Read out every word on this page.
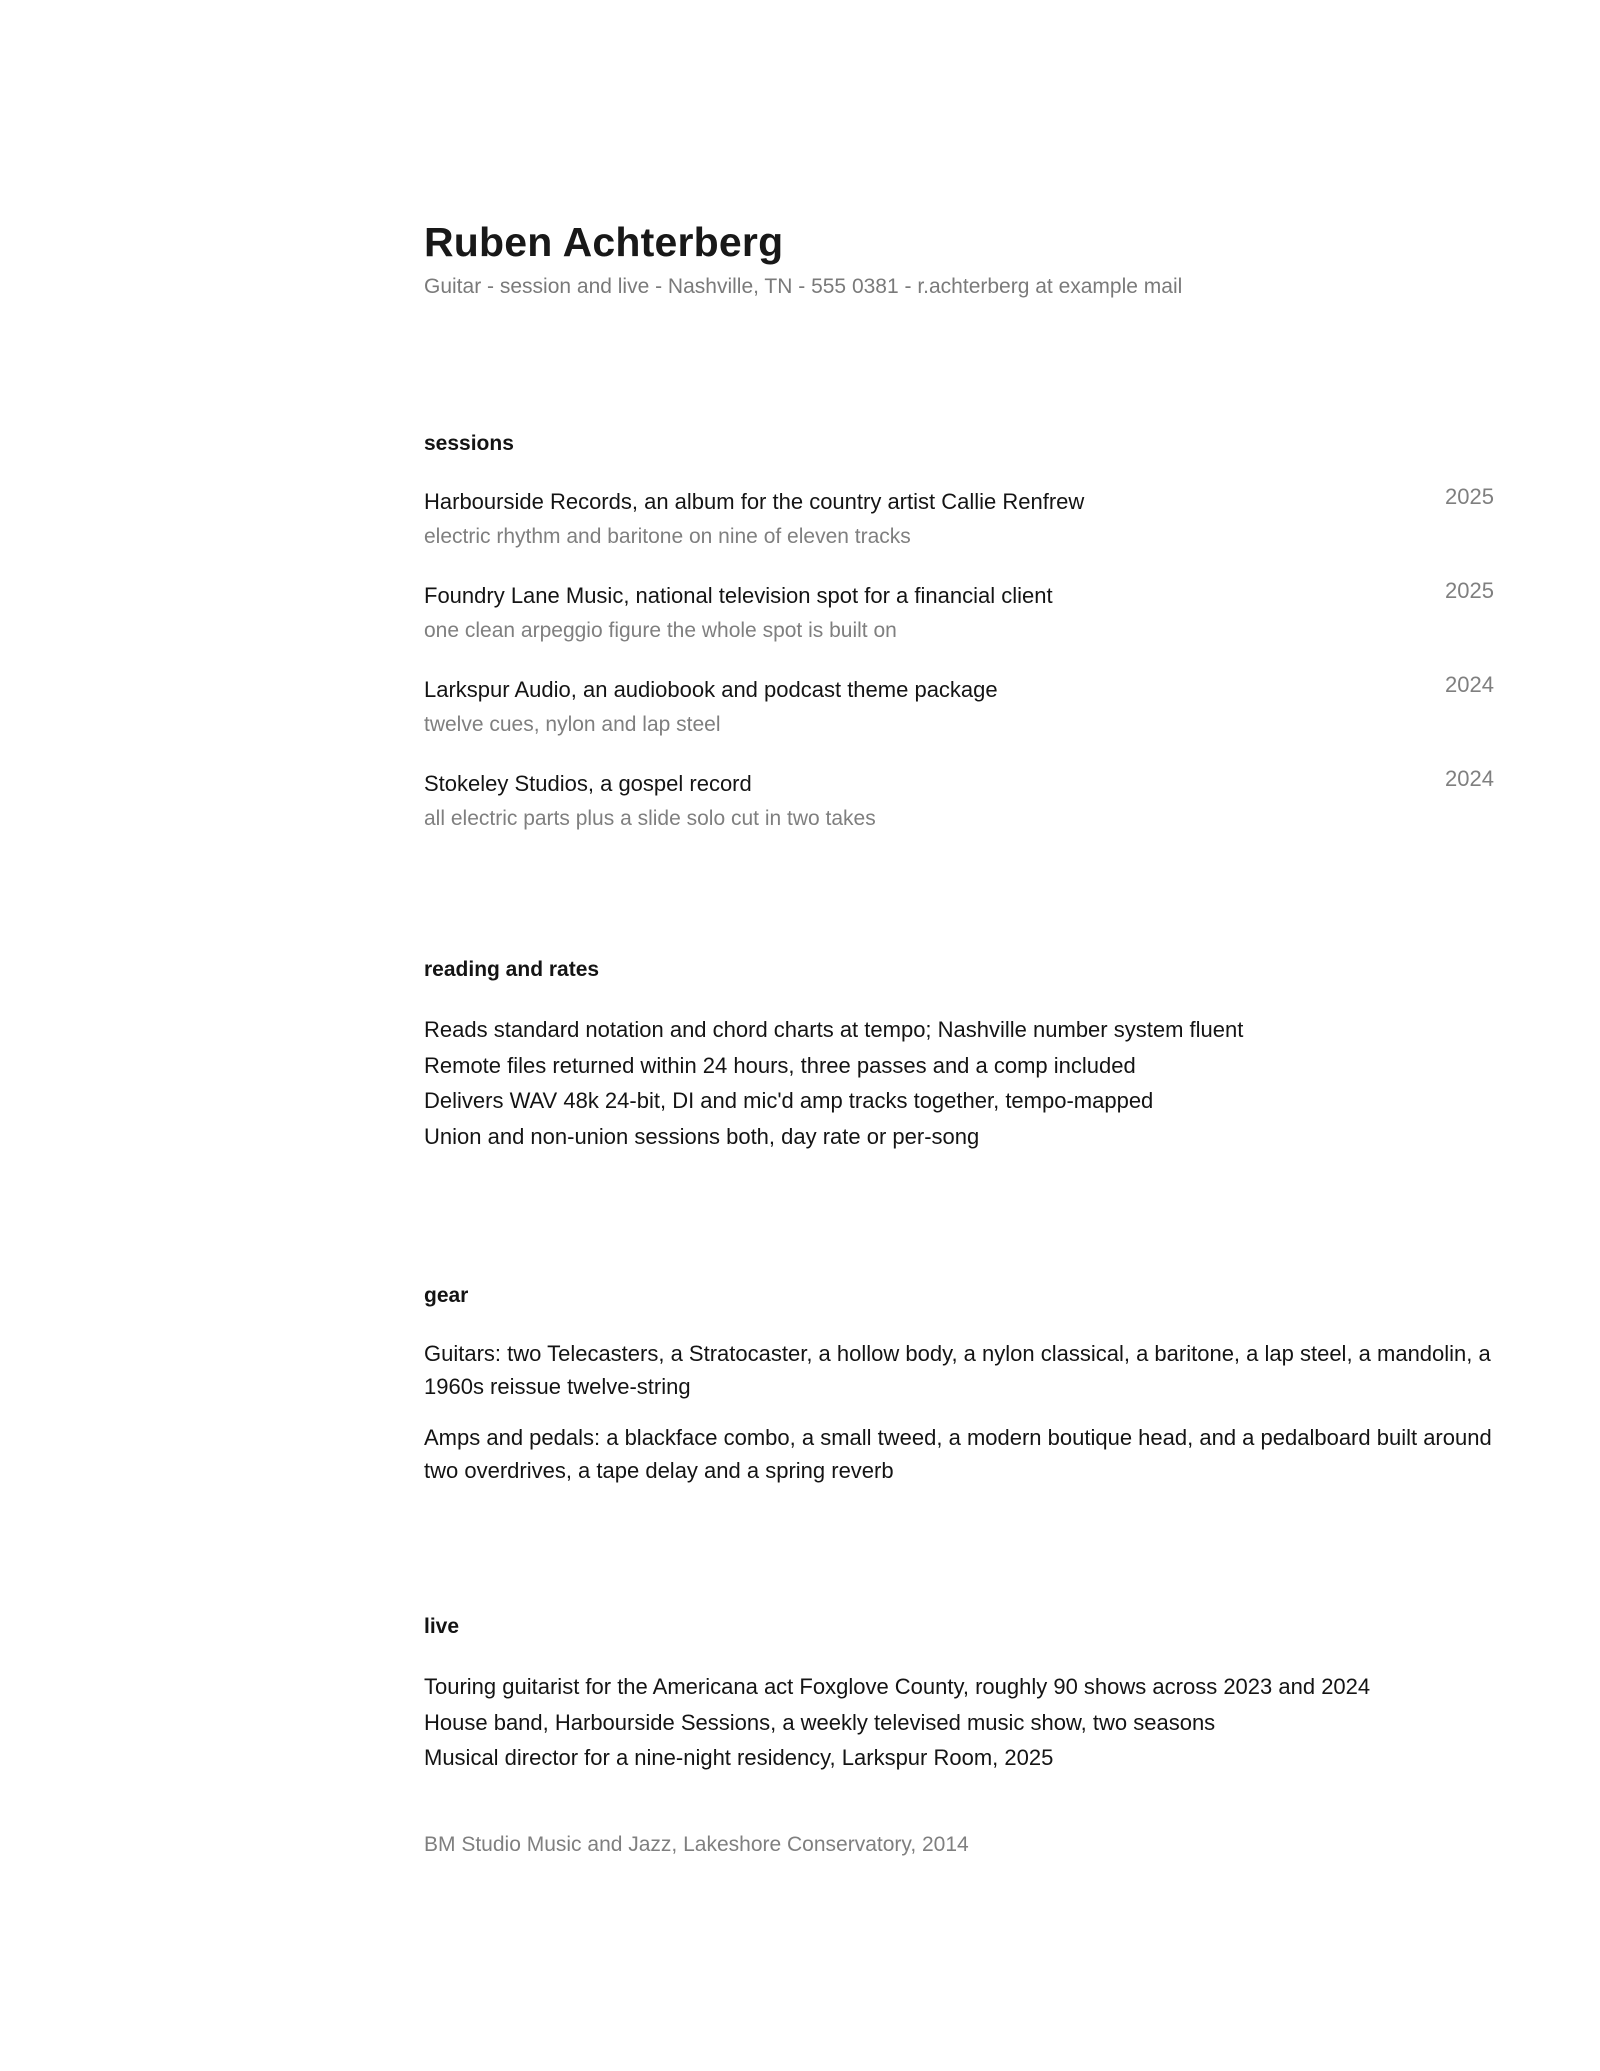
Ruben Achterberg
Guitar - session and live - Nashville, TN - 555 0381 - r.achterberg at example mail
sessions
Harbourside Records, an album for the country artist Callie Renfrew
electric rhythm and baritone on nine of eleven tracks
2025
Foundry Lane Music, national television spot for a financial client
one clean arpeggio figure the whole spot is built on
2025
Larkspur Audio, an audiobook and podcast theme package
twelve cues, nylon and lap steel
2024
Stokeley Studios, a gospel record
all electric parts plus a slide solo cut in two takes
2024
reading and rates
Reads standard notation and chord charts at tempo; Nashville number system fluent
Remote files returned within 24 hours, three passes and a comp included
Delivers WAV 48k 24-bit, DI and mic'd amp tracks together, tempo-mapped
Union and non-union sessions both, day rate or per-song
gear

Guitars: two Telecasters, a Stratocaster, a hollow body, a nylon classical, a baritone, a lap steel, a mandolin, a 1960s reissue twelve-string

Amps and pedals: a blackface combo, a small tweed, a modern boutique head, and a pedalboard built around two overdrives, a tape delay and a spring reverb

live
Touring guitarist for the Americana act Foxglove County, roughly 90 shows across 2023 and 2024
House band, Harbourside Sessions, a weekly televised music show, two seasons
Musical director for a nine-night residency, Larkspur Room, 2025
BM Studio Music and Jazz, Lakeshore Conservatory, 2014
